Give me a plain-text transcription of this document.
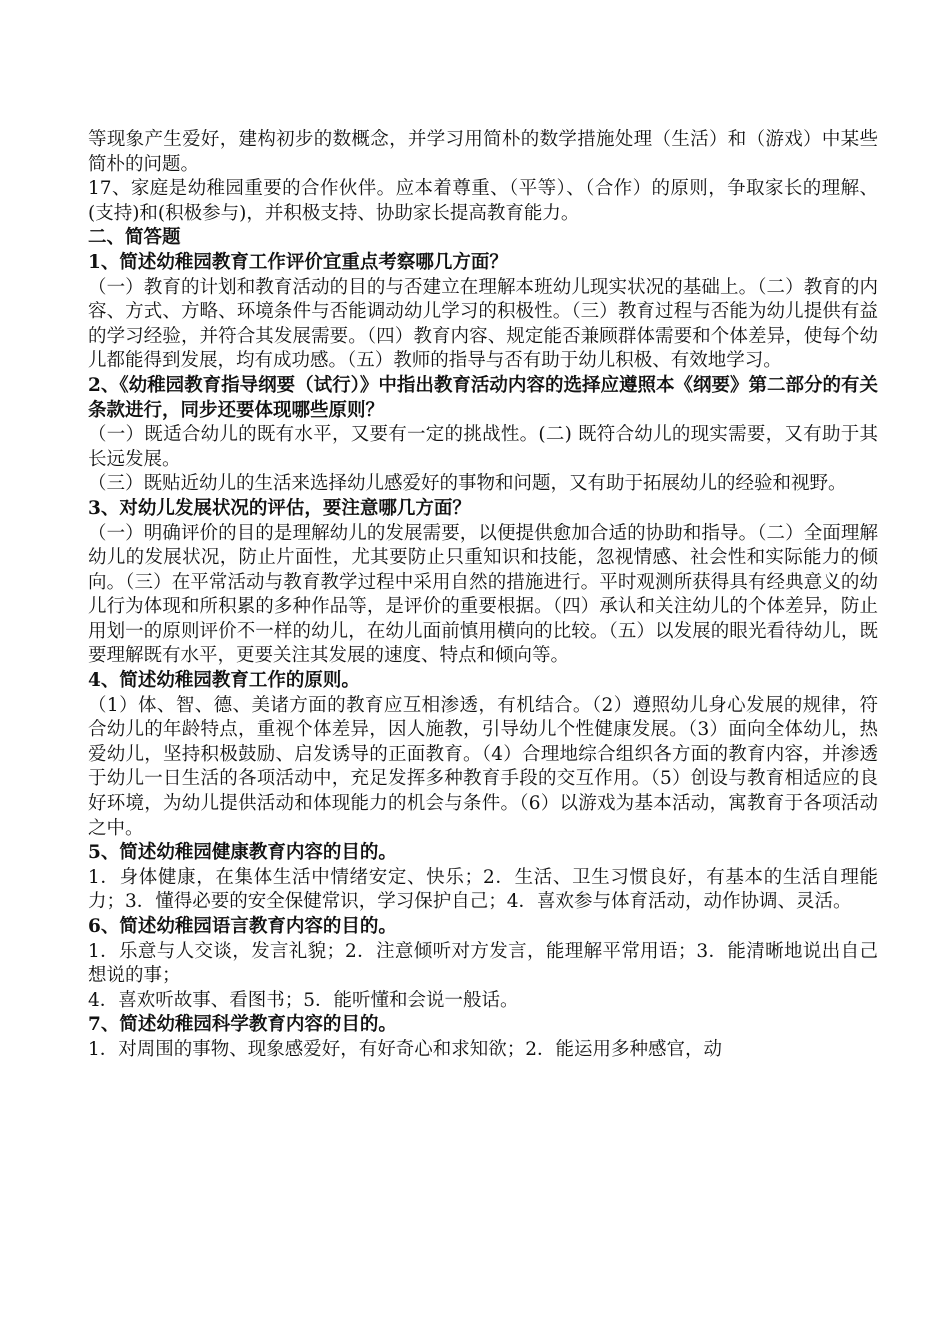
等现象产生爱好，建构初步的数概念，并学习用简朴的数学措施处理（生活）和（游戏）中某些简朴的问题。

17、家庭是幼稚园重要的合作伙伴。应本着尊重、（平等）、（合作）的原则，争取家长的理解、(支持)和(积极参与)，并积极支持、协助家长提高教育能力。

二、简答题

1、简述幼稚园教育工作评价宜重点考察哪几方面？

（一）教育的计划和教育活动的目的与否建立在理解本班幼儿现实状况的基础上。（二）教育的内容、方式、方略、环境条件与否能调动幼儿学习的积极性。（三）教育过程与否能为幼儿提供有益的学习经验，并符合其发展需要。（四）教育内容、规定能否兼顾群体需要和个体差异，使每个幼儿都能得到发展，均有成功感。（五）教师的指导与否有助于幼儿积极、有效地学习。

2、《幼稚园教育指导纲要（试行）》中指出教育活动内容的选择应遵照本《纲要》第二部分的有关条款进行，同步还要体现哪些原则？

（一）既适合幼儿的既有水平，又要有一定的挑战性。(二) 既符合幼儿的现实需要，又有助于其长远发展。

（三）既贴近幼儿的生活来选择幼儿感爱好的事物和问题，又有助于拓展幼儿的经验和视野。

3、对幼儿发展状况的评估，要注意哪几方面？

（一）明确评价的目的是理解幼儿的发展需要，以便提供愈加合适的协助和指导。（二）全面理解幼儿的发展状况，防止片面性，尤其要防止只重知识和技能，忽视情感、社会性和实际能力的倾向。（三）在平常活动与教育教学过程中采用自然的措施进行。平时观测所获得具有经典意义的幼儿行为体现和所积累的多种作品等，是评价的重要根据。（四）承认和关注幼儿的个体差异，防止用划一的原则评价不一样的幼儿，在幼儿面前慎用横向的比较。（五）以发展的眼光看待幼儿，既要理解既有水平，更要关注其发展的速度、特点和倾向等。

4、简述幼稚园教育工作的原则。

（1）体、智、德、美诸方面的教育应互相渗透，有机结合。（2）遵照幼儿身心发展的规律，符合幼儿的年龄特点，重视个体差异，因人施教，引导幼儿个性健康发展。（3）面向全体幼儿，热爱幼儿，坚持积极鼓励、启发诱导的正面教育。（4）合理地综合组织各方面的教育内容，并渗透于幼儿一日生活的各项活动中，充足发挥多种教育手段的交互作用。（5）创设与教育相适应的良好环境，为幼儿提供活动和体现能力的机会与条件。（6）以游戏为基本活动，寓教育于各项活动之中。

5、简述幼稚园健康教育内容的目的。

1．身体健康，在集体生活中情绪安定、快乐；2．生活、卫生习惯良好，有基本的生活自理能力；3．懂得必要的安全保健常识，学习保护自己；4．喜欢参与体育活动，动作协调、灵活。

6、简述幼稚园语言教育内容的目的。

1．乐意与人交谈，发言礼貌；2．注意倾听对方发言，能理解平常用语；3．能清晰地说出自己想说的事；

4．喜欢听故事、看图书；5．能听懂和会说一般话。

7、简述幼稚园科学教育内容的目的。

1．对周围的事物、现象感爱好，有好奇心和求知欲；2．能运用多种感官，动
